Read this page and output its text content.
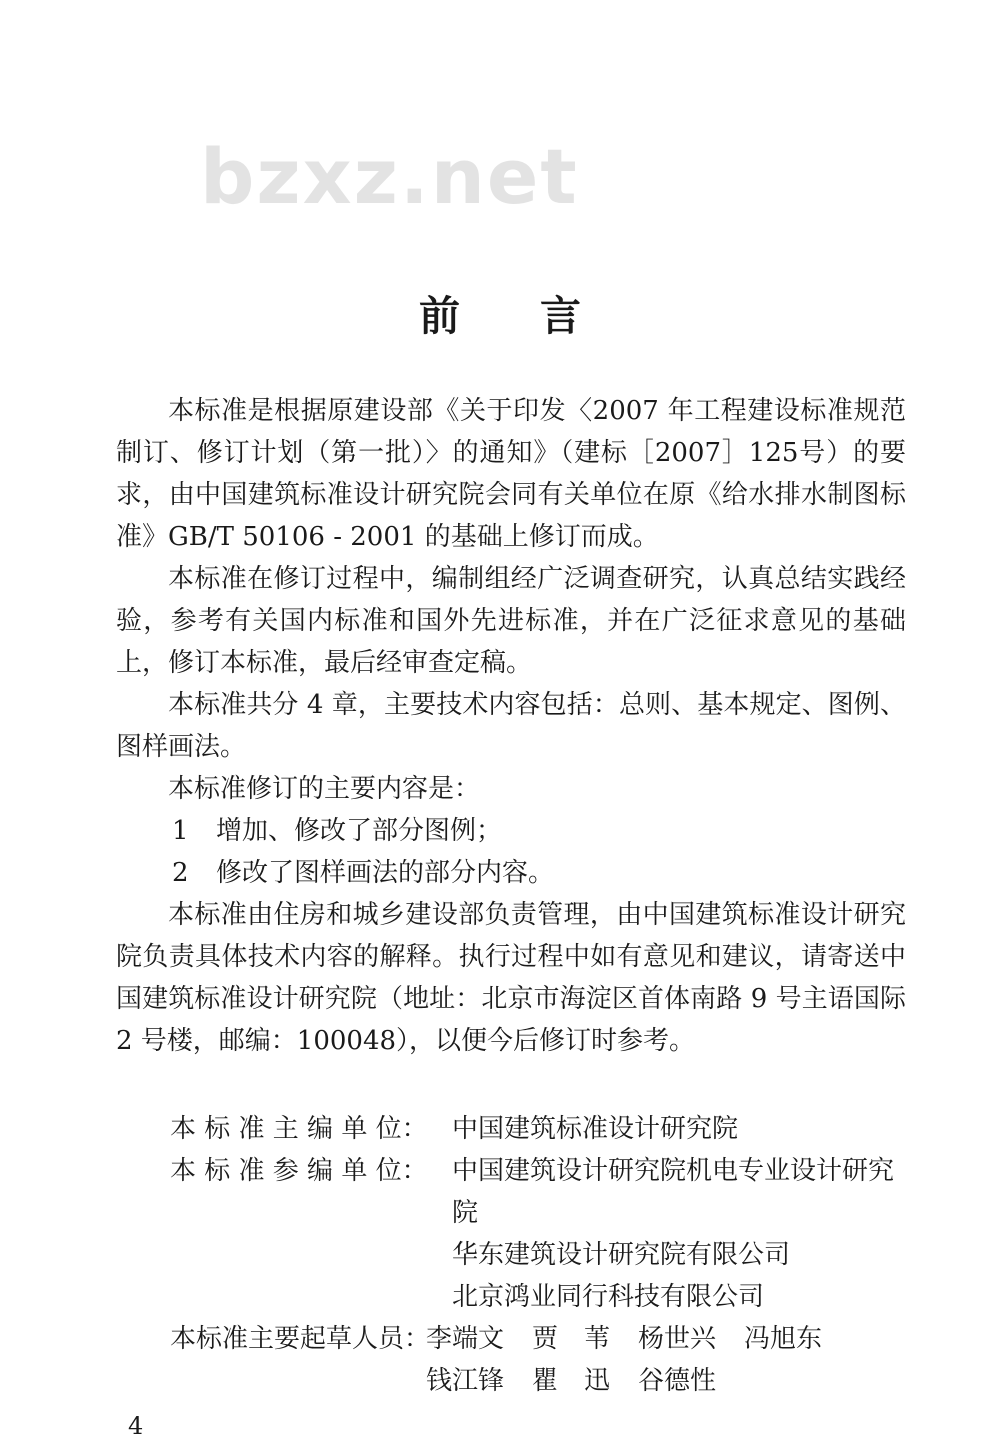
bzxz.net
前 言

本标准是根据原建设部《关于印发〈2007 年工程建设标准规范制订、修订计划（第一批）〉的通知》（建标［2007］125号）的要求，由中国建筑标准设计研究院会同有关单位在原《给水排水制图标准》GB/T 50106 - 2001 的基础上修订而成。

本标准在修订过程中，编制组经广泛调查研究，认真总结实践经验，参考有关国内标准和国外先进标准，并在广泛征求意见的基础上，修订本标准，最后经审查定稿。

本标准共分 4 章，主要技术内容包括：总则、基本规定、图例、图样画法。

本标准修订的主要内容是：

1 增加、修改了部分图例；

2 修改了图样画法的部分内容。

本标准由住房和城乡建设部负责管理，由中国建筑标准设计研究院负责具体技术内容的解释。执行过程中如有意见和建议，请寄送中国建筑标准设计研究院（地址：北京市海淀区首体南路 9 号主语国际 2 号楼，邮编：100048），以便今后修订时参考。

本 标 准 主 编 单 位： 中国建筑标准设计研究院
本 标 准 参 编 单 位： 中国建筑设计研究院机电专业设计研究院
华东建筑设计研究院有限公司
北京鸿业同行科技有限公司
本标准主要起草人员：
李端文 贾　苇 杨世兴 冯旭东
钱江锋 瞿　迅 谷德性
4
